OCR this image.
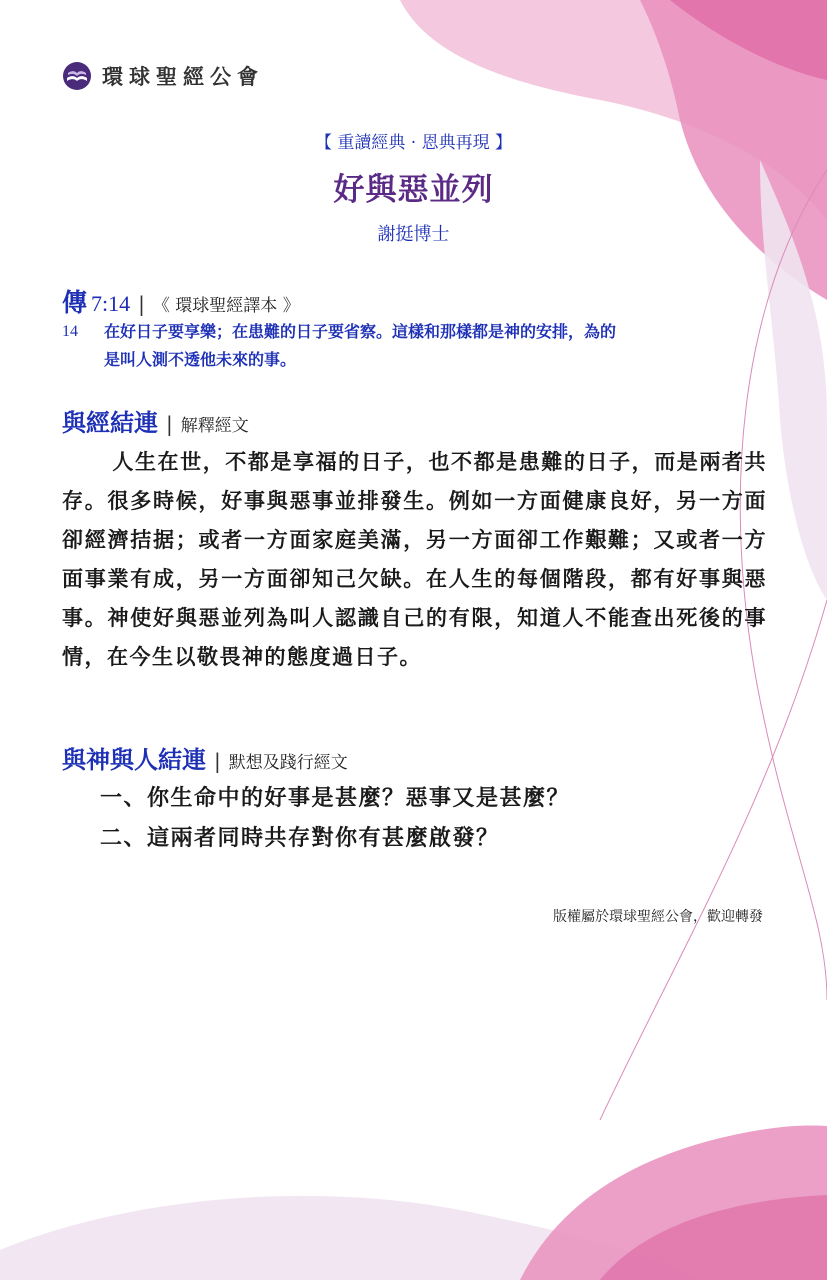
環球聖經公會
【 重讀經典 · 恩典再現 】
好與惡並列
謝挺博士
傳 7:14 | 《 環球聖經譯本 》
14	在好日子要享樂；在患難的日子要省察。這樣和那樣都是神的安排，為的
是叫人測不透他未來的事。
與經結連 | 解釋經文
人生在世，不都是享福的日子，也不都是患難的日子，而是兩者共存。很多時候，好事與惡事並排發生。例如一方面健康良好，另一方面卻經濟拮据；或者一方面家庭美滿，另一方面卻工作艱難；又或者一方面事業有成，另一方面卻知己欠缺。在人生的每個階段，都有好事與惡事。神使好與惡並列為叫人認識自己的有限，知道人不能查出死後的事情，在今生以敬畏神的態度過日子。
與神與人結連 | 默想及踐行經文
一、你生命中的好事是甚麼？惡事又是甚麼？
二、這兩者同時共存對你有甚麼啟發？
版權屬於環球聖經公會，歡迎轉發
